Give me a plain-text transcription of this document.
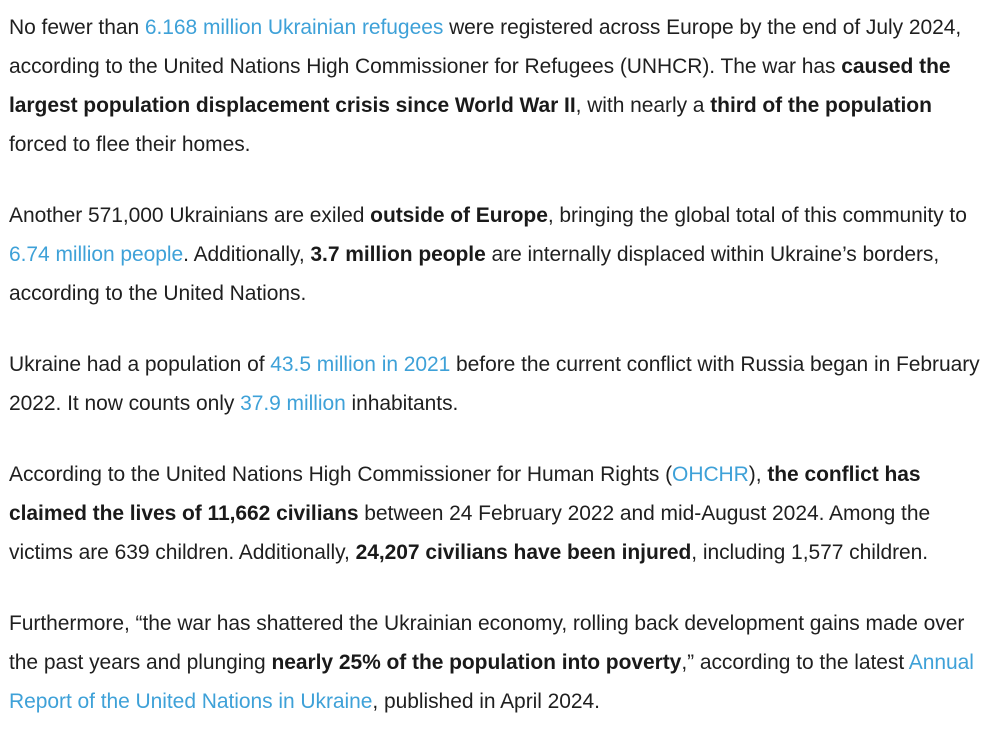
No fewer than 6.168 million Ukrainian refugees were registered across Europe by the end of July 2024, according to the United Nations High Commissioner for Refugees (UNHCR). The war has caused the largest population displacement crisis since World War II, with nearly a third of the population forced to flee their homes.

Another 571,000 Ukrainians are exiled outside of Europe, bringing the global total of this community to 6.74 million people. Additionally, 3.7 million people are internally displaced within Ukraine’s borders, according to the United Nations.

Ukraine had a population of 43.5 million in 2021 before the current conflict with Russia began in February 2022. It now counts only 37.9 million inhabitants.

According to the United Nations High Commissioner for Human Rights (OHCHR), the conflict has claimed the lives of 11,662 civilians between 24 February 2022 and mid-August 2024. Among the victims are 639 children. Additionally, 24,207 civilians have been injured, including 1,577 children.

Furthermore, “the war has shattered the Ukrainian economy, rolling back development gains made over the past years and plunging nearly 25% of the population into poverty,” according to the latest Annual Report of the United Nations in Ukraine, published in April 2024.
